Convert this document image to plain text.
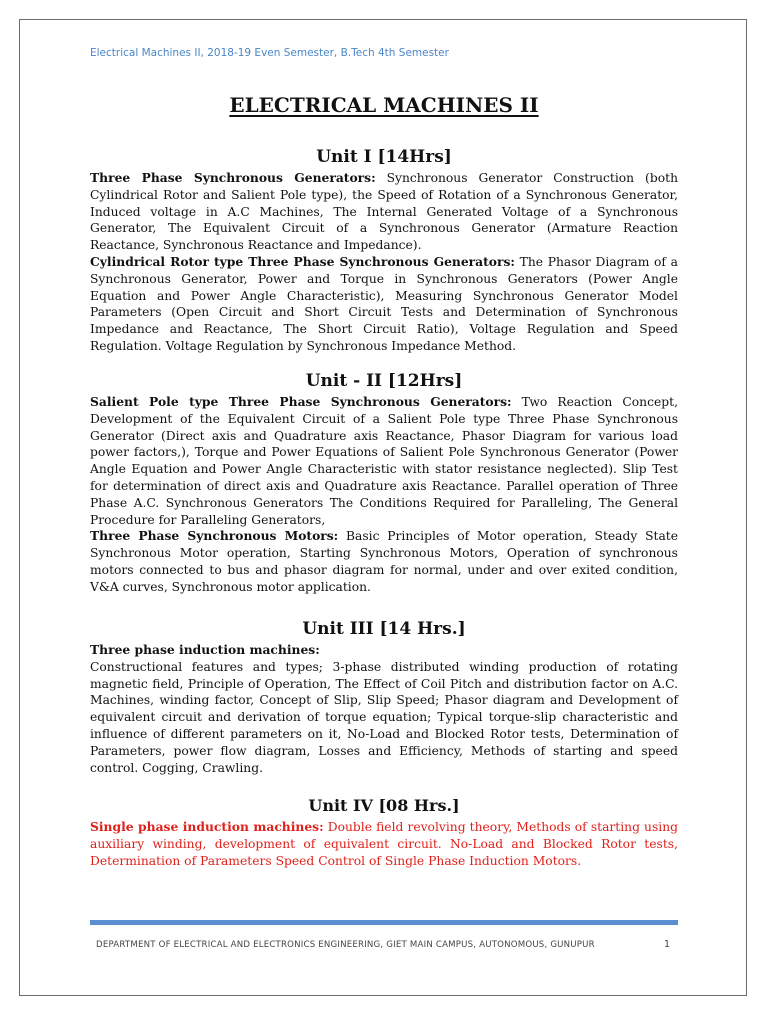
Electrical Machines II, 2018-19 Even Semester, B.Tech 4th Semester
ELECTRICAL MACHINES II
Unit I [14Hrs]

Three Phase Synchronous Generators: Synchronous Generator Construction (both Cylindrical Rotor and Salient Pole type), the Speed of Rotation of a Synchronous Generator, Induced voltage in A.C Machines, The Internal Generated Voltage of a Synchronous Generator, The Equivalent Circuit of a Synchronous Generator (Armature Reaction Reactance, Synchronous Reactance and Impedance).

Cylindrical Rotor type Three Phase Synchronous Generators: The Phasor Diagram of a Synchronous Generator, Power and Torque in Synchronous Generators (Power Angle Equation and Power Angle Characteristic), Measuring Synchronous Generator Model Parameters (Open Circuit and Short Circuit Tests and Determination of Synchronous Impedance and Reactance, The Short Circuit Ratio), Voltage Regulation and Speed Regulation. Voltage Regulation by Synchronous Impedance Method.

Unit - II [12Hrs]

Salient Pole type Three Phase Synchronous Generators: Two Reaction Concept, Development of the Equivalent Circuit of a Salient Pole type Three Phase Synchronous Generator (Direct axis and Quadrature axis Reactance, Phasor Diagram for various load power factors,), Torque and Power Equations of Salient Pole Synchronous Generator (Power Angle Equation and Power Angle Characteristic with stator resistance neglected). Slip Test for determination of direct axis and Quadrature axis Reactance. Parallel operation of Three Phase A.C. Synchronous Generators The Conditions Required for Paralleling, The General Procedure for Paralleling Generators,

Three Phase Synchronous Motors: Basic Principles of Motor operation, Steady State Synchronous Motor operation, Starting Synchronous Motors, Operation of synchronous motors connected to bus and phasor diagram for normal, under and over exited condition, V&A curves, Synchronous motor application.

Unit III [14 Hrs.]

Three phase induction machines:

Constructional features and types; 3-phase distributed winding production of rotating magnetic field, Principle of Operation, The Effect of Coil Pitch and distribution factor on A.C. Machines, winding factor, Concept of Slip, Slip Speed; Phasor diagram and Development of equivalent circuit and derivation of torque equation; Typical torque-slip characteristic and influence of different parameters on it, No-Load and Blocked Rotor tests, Determination of Parameters, power flow diagram, Losses and Efficiency, Methods of starting and speed control. Cogging, Crawling.

Unit IV [08 Hrs.]

Single phase induction machines: Double field revolving theory, Methods of starting using auxiliary winding, development of equivalent circuit. No-Load and Blocked Rotor tests, Determination of Parameters Speed Control of Single Phase Induction Motors.

DEPARTMENT OF ELECTRICAL AND ELECTRONICS ENGINEERING, GIET MAIN CAMPUS, AUTONOMOUS, GUNUPUR	1
